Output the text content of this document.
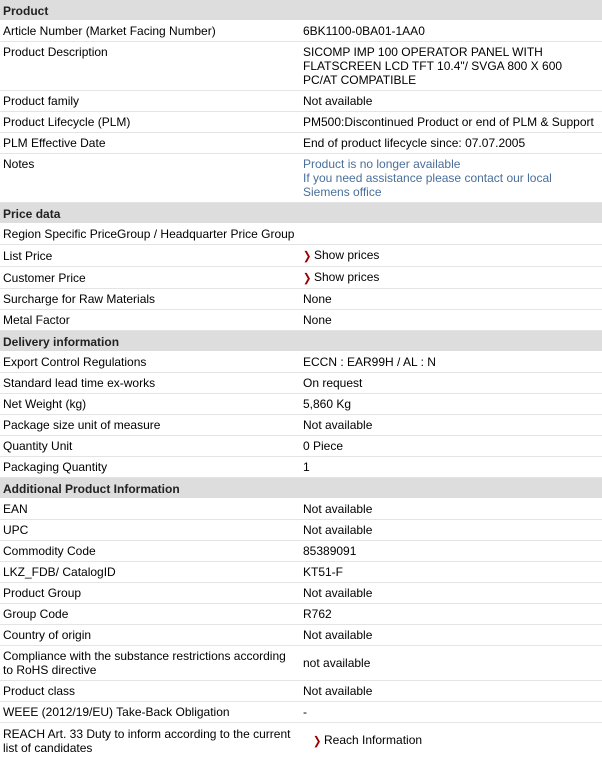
Product
Article Number (Market Facing Number)	6BK1100-0BA01-1AA0
Product Description	SICOMP IMP 100 OPERATOR PANEL WITH FLATSCREEN LCD TFT 10.4"/ SVGA 800 X 600 PC/AT COMPATIBLE
Product family	Not available
Product Lifecycle (PLM)	PM500:Discontinued Product or end of PLM & Support
PLM Effective Date	End of product lifecycle since: 07.07.2005
Notes	Product is no longer available
If you need assistance please contact our local Siemens office
Price data
Region Specific PriceGroup / Headquarter Price Group
List Price	❯ Show prices
Customer Price	❯ Show prices
Surcharge for Raw Materials	None
Metal Factor	None
Delivery information
Export Control Regulations	ECCN : EAR99H / AL : N
Standard lead time ex-works	On request
Net Weight (kg)	5,860 Kg
Package size unit of measure	Not available
Quantity Unit	0 Piece
Packaging Quantity	1
Additional Product Information
EAN	Not available
UPC	Not available
Commodity Code	85389091
LKZ_FDB/ CatalogID	KT51-F
Product Group	Not available
Group Code	R762
Country of origin	Not available
Compliance with the substance restrictions according to RoHS directive	not available
Product class	Not available
WEEE (2012/19/EU) Take-Back Obligation	-
REACH Art. 33 Duty to inform according to the current list of candidates	❯ Reach Information
